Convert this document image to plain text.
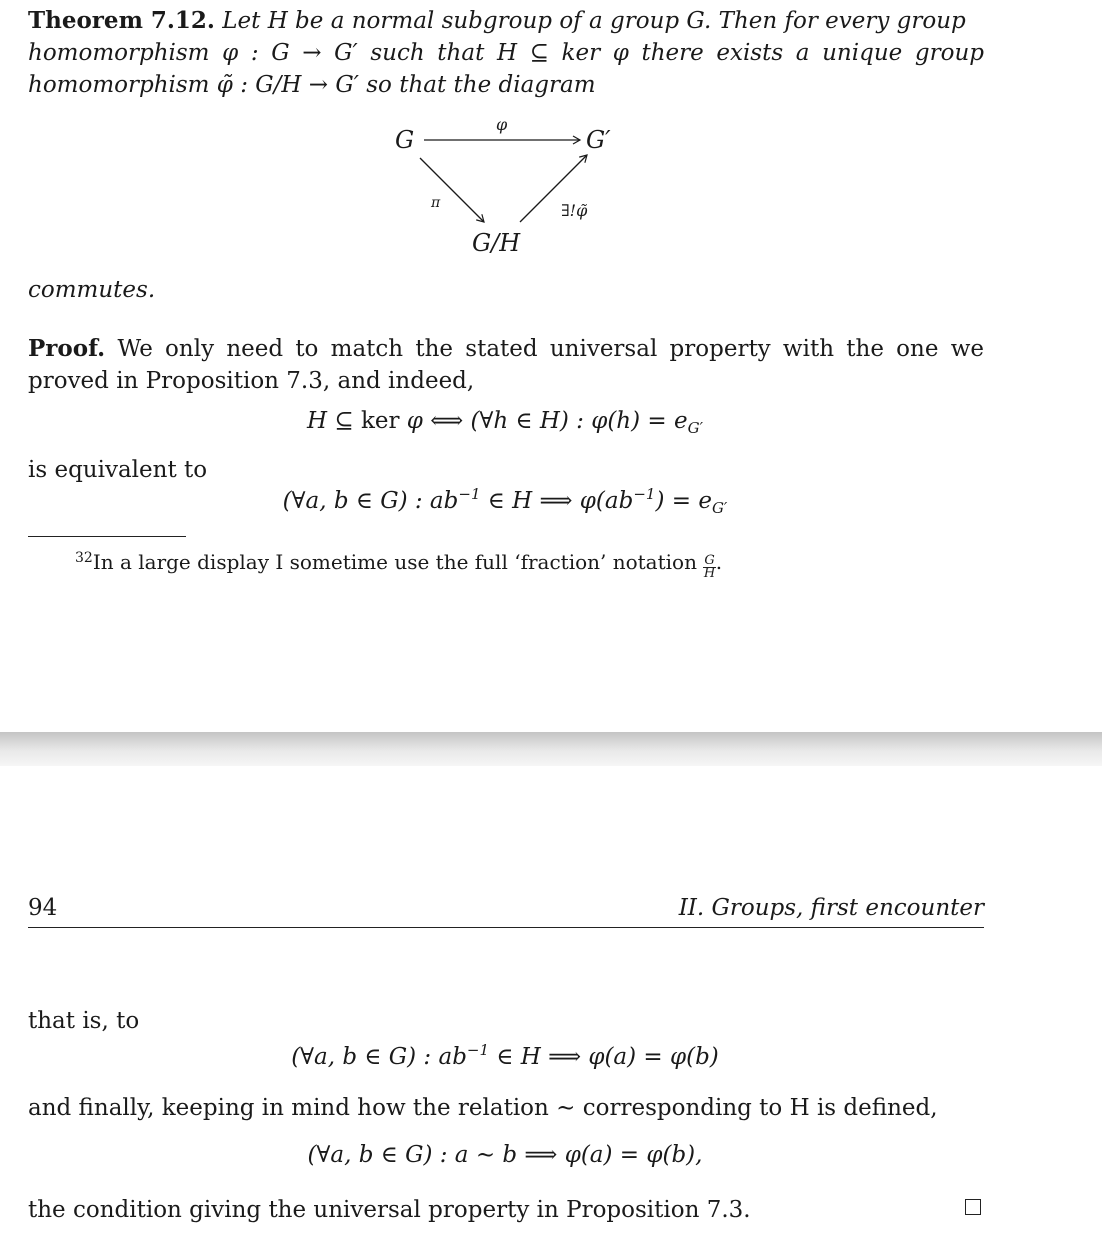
Theorem 7.12. Let H be a normal subgroup of a group G. Then for every group
homomorphism φ : G → G′ such that H ⊆ ker φ there exists a unique group
homomorphism φ̃ : G/H → G′ so that the diagram
G	G′
G/H
φ
π	∃!φ̃
commutes.
Proof. We only need to match the stated universal property with the one we
proved in Proposition 7.3, and indeed,
H ⊆ ker φ ⟺ (∀h ∈ H) : $\varphi(h) = e_{G'}$
is equivalent to
(∀a, b ∈ G) : $ab^{-1}$ ∈ H ⟹ $\varphi(ab^{-1}) = e_{G'}$
$^{32}$In a large display I sometime use the full ‘fraction’ notation $\frac{G}{H}$ .
94	II. Groups, first encounter
that is, to
(∀a, b ∈ G) : $ab^{-1}$ ∈ H ⟹ φ(a) = φ(b)
and finally, keeping in mind how the relation ∼ corresponding to H is defined,
(∀a, b ∈ G) : a ∼ b ⟹ φ(a) = φ(b),
the condition giving the universal property in Proposition 7.3.
